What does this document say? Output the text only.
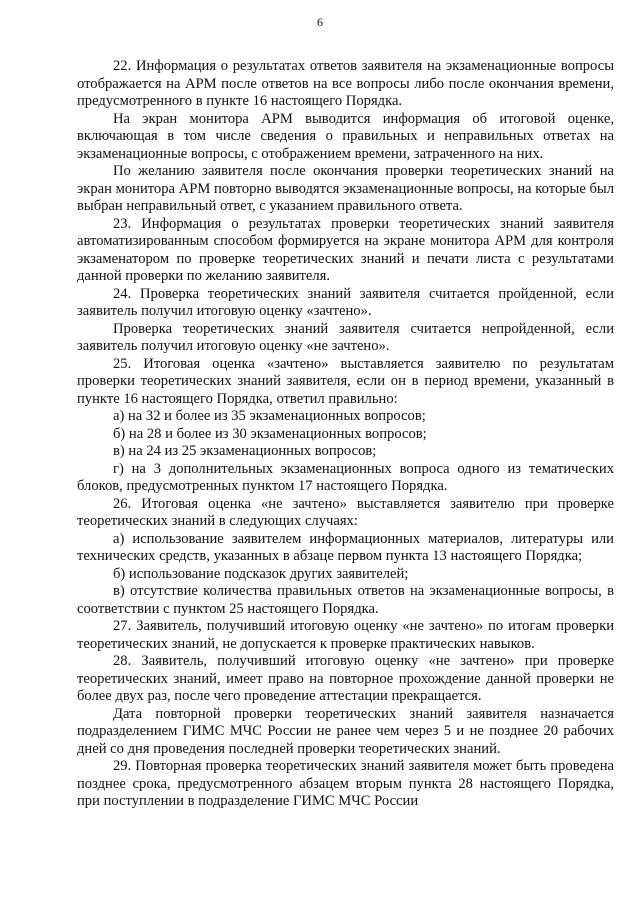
6

22. Информация о результатах ответов заявителя на экзаменационные вопросы отображается на АРМ после ответов на все вопросы либо после окончания времени, предусмотренного в пункте 16 настоящего Порядка.

На экран монитора АРМ выводится информация об итоговой оценке, включающая в том числе сведения о правильных и неправильных ответах на экзаменационные вопросы, с отображением времени, затраченного на них.

По желанию заявителя после окончания проверки теоретических знаний на экран монитора АРМ повторно выводятся экзаменационные вопросы, на которые был выбран неправильный ответ, с указанием правильного ответа.

23. Информация о результатах проверки теоретических знаний заявителя автоматизированным способом формируется на экране монитора АРМ для контроля экзаменатором по проверке теоретических знаний и печати листа с результатами данной проверки по желанию заявителя.

24. Проверка теоретических знаний заявителя считается пройденной, если заявитель получил итоговую оценку «зачтено».

Проверка теоретических знаний заявителя считается непройденной, если заявитель получил итоговую оценку «не зачтено».

25. Итоговая оценка «зачтено» выставляется заявителю по результатам проверки теоретических знаний заявителя, если он в период времени, указанный в пункте 16 настоящего Порядка, ответил правильно:

а) на 32 и более из 35 экзаменационных вопросов;

б) на 28 и более из 30 экзаменационных вопросов;

в) на 24 из 25 экзаменационных вопросов;

г) на 3 дополнительных экзаменационных вопроса одного из тематических блоков, предусмотренных пунктом 17 настоящего Порядка.

26. Итоговая оценка «не зачтено» выставляется заявителю при проверке теоретических знаний в следующих случаях:

а) использование заявителем информационных материалов, литературы или технических средств, указанных в абзаце первом пункта 13 настоящего Порядка;

б) использование подсказок других заявителей;

в) отсутствие количества правильных ответов на экзаменационные вопросы, в соответствии с пунктом 25 настоящего Порядка.

27. Заявитель, получивший итоговую оценку «не зачтено» по итогам проверки теоретических знаний, не допускается к проверке практических навыков.

28. Заявитель, получивший итоговую оценку «не зачтено» при проверке теоретических знаний, имеет право на повторное прохождение данной проверки не более двух раз, после чего проведение аттестации прекращается.

Дата повторной проверки теоретических знаний заявителя назначается подразделением ГИМС МЧС России не ранее чем через 5 и не позднее 20 рабочих дней со дня проведения последней проверки теоретических знаний.

29. Повторная проверка теоретических знаний заявителя может быть проведена позднее срока, предусмотренного абзацем вторым пункта 28 настоящего Порядка, при поступлении в подразделение ГИМС МЧС России
